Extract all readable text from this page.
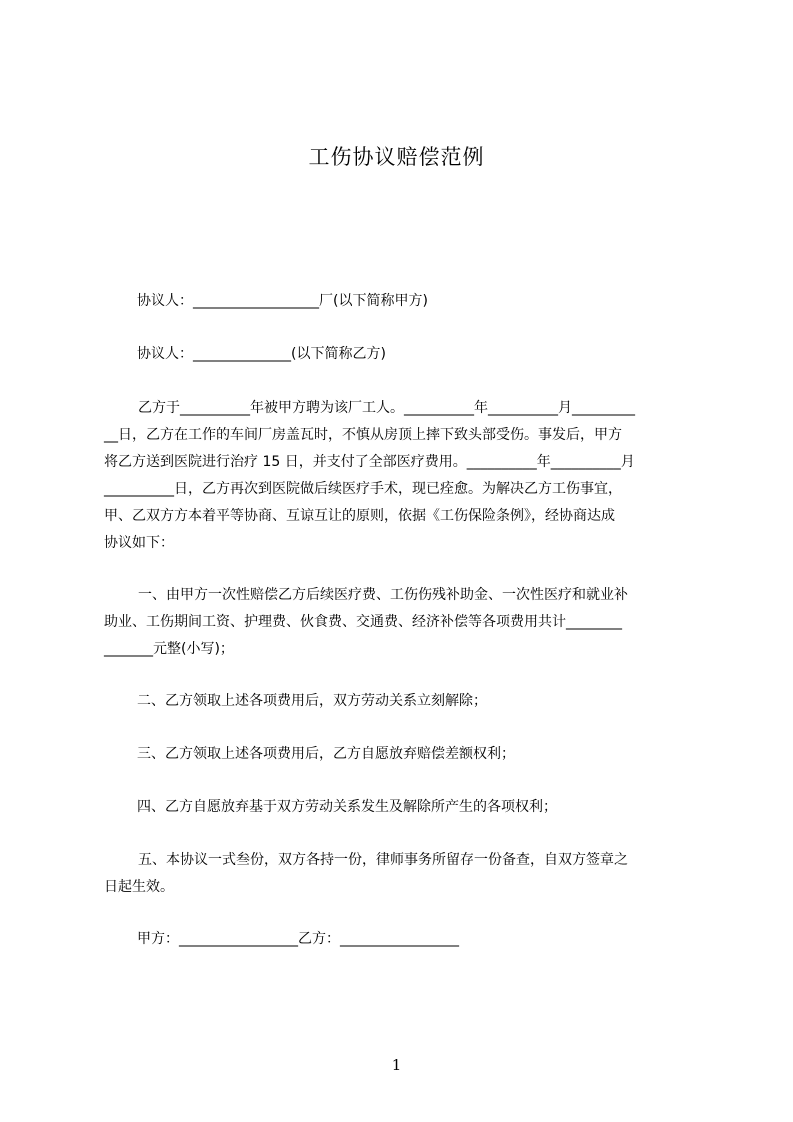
工伤协议赔偿范例
协议人：__________________厂(以下简称甲方)
协议人：______________(以下简称乙方)
乙方于__________年被甲方聘为该厂工人。__________年__________月_________
__日，乙方在工作的车间厂房盖瓦时，不慎从房顶上摔下致头部受伤。事发后，甲方
将乙方送到医院进行治疗 15 日，并支付了全部医疗费用。__________年__________月
__________日，乙方再次到医院做后续医疗手术，现已痊愈。为解决乙方工伤事宜，
甲、乙双方方本着平等协商、互谅互让的原则，依据《工伤保险条例》，经协商达成
协议如下：
一、由甲方一次性赔偿乙方后续医疗费、工伤伤残补助金、一次性医疗和就业补
助业、工伤期间工资、护理费、伙食费、交通费、经济补偿等各项费用共计________
_______元整(小写)；
二、乙方领取上述各项费用后，双方劳动关系立刻解除；
三、乙方领取上述各项费用后，乙方自愿放弃赔偿差额权利；
四、乙方自愿放弃基于双方劳动关系发生及解除所产生的各项权利；
五、本协议一式叁份，双方各持一份，律师事务所留存一份备查，自双方签章之
日起生效。
甲方：_________________乙方：_________________
1
